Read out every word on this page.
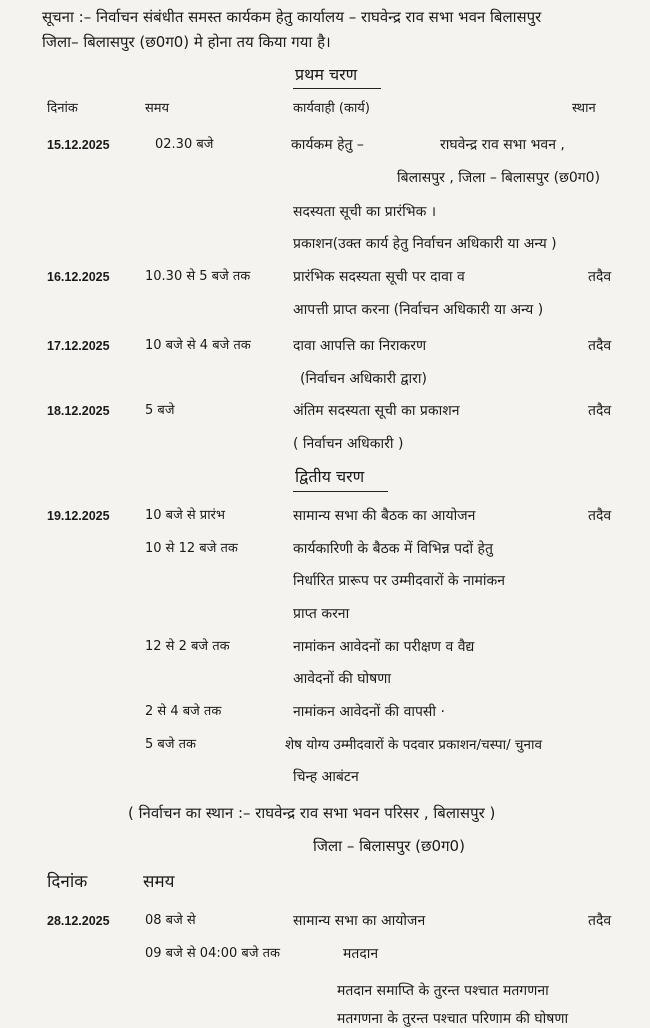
सूचना :– निर्वाचन संबंधीत समस्त कार्यकम हेतु कार्यालय – राघवेन्द्र राव सभा भवन बिलासपुर
जिला– बिलासपुर (छ0ग0) मे होना तय किया गया है।
प्रथम चरण
दिनांक	समय	कार्यवाही (कार्य)	स्थान
15.12.2025	02.30 बजे	कार्यकम हेतु –	राघवेन्द्र राव सभा भवन ,
बिलासपुर , जिला – बिलासपुर (छ0ग0)
सदस्यता सूची का प्रारंभिक ।
प्रकाशन(उक्त कार्य हेतु निर्वाचन अधिकारी या अन्य )
16.12.2025	10.30 से 5 बजे तक	प्रारंभिक सदस्यता सूची पर दावा व	तदैव
आपत्ती प्राप्त करना (निर्वाचन अधिकारी या अन्य )
17.12.2025	10 बजे से 4 बजे तक	दावा आपत्ति का निराकरण	तदैव
(निर्वाचन अधिकारी द्वारा)
18.12.2025	5 बजे	अंतिम सदस्यता सूची का प्रकाशन	तदैव
( निर्वाचन अधिकारी )
द्वितीय चरण
19.12.2025	10 बजे से प्रारंभ	सामान्य सभा की बैठक का आयोजन	तदैव
10 से 12 बजे तक	कार्यकारिणी के बैठक में विभिन्न पदों हेतु
निर्धारित प्रारूप पर उम्मीदवारों के नामांकन
प्राप्त करना
12 से 2 बजे तक	नामांकन आवेदनों का परीक्षण व वैद्य
आवेदनों की घोषणा
2 से 4 बजे तक	नामांकन आवेदनों की वापसी ·
5 बजे तक	शेष योग्य उम्मीदवारों के पदवार प्रकाशन/चस्पा/ चुनाव
चिन्ह आबंटन
( निर्वाचन का स्थान :– राघवेन्द्र राव सभा भवन परिसर , बिलासपुर )
जिला – बिलासपुर (छ0ग0)
दिनांक	समय
28.12.2025	08 बजे से	सामान्य सभा का आयोजन	तदैव
09 बजे से 04:00 बजे तक	मतदान
मतदान समाप्ति के तुरन्त पश्चात मतगणना
मतगणना के तुरन्त पश्चात परिणाम की घोषणा
